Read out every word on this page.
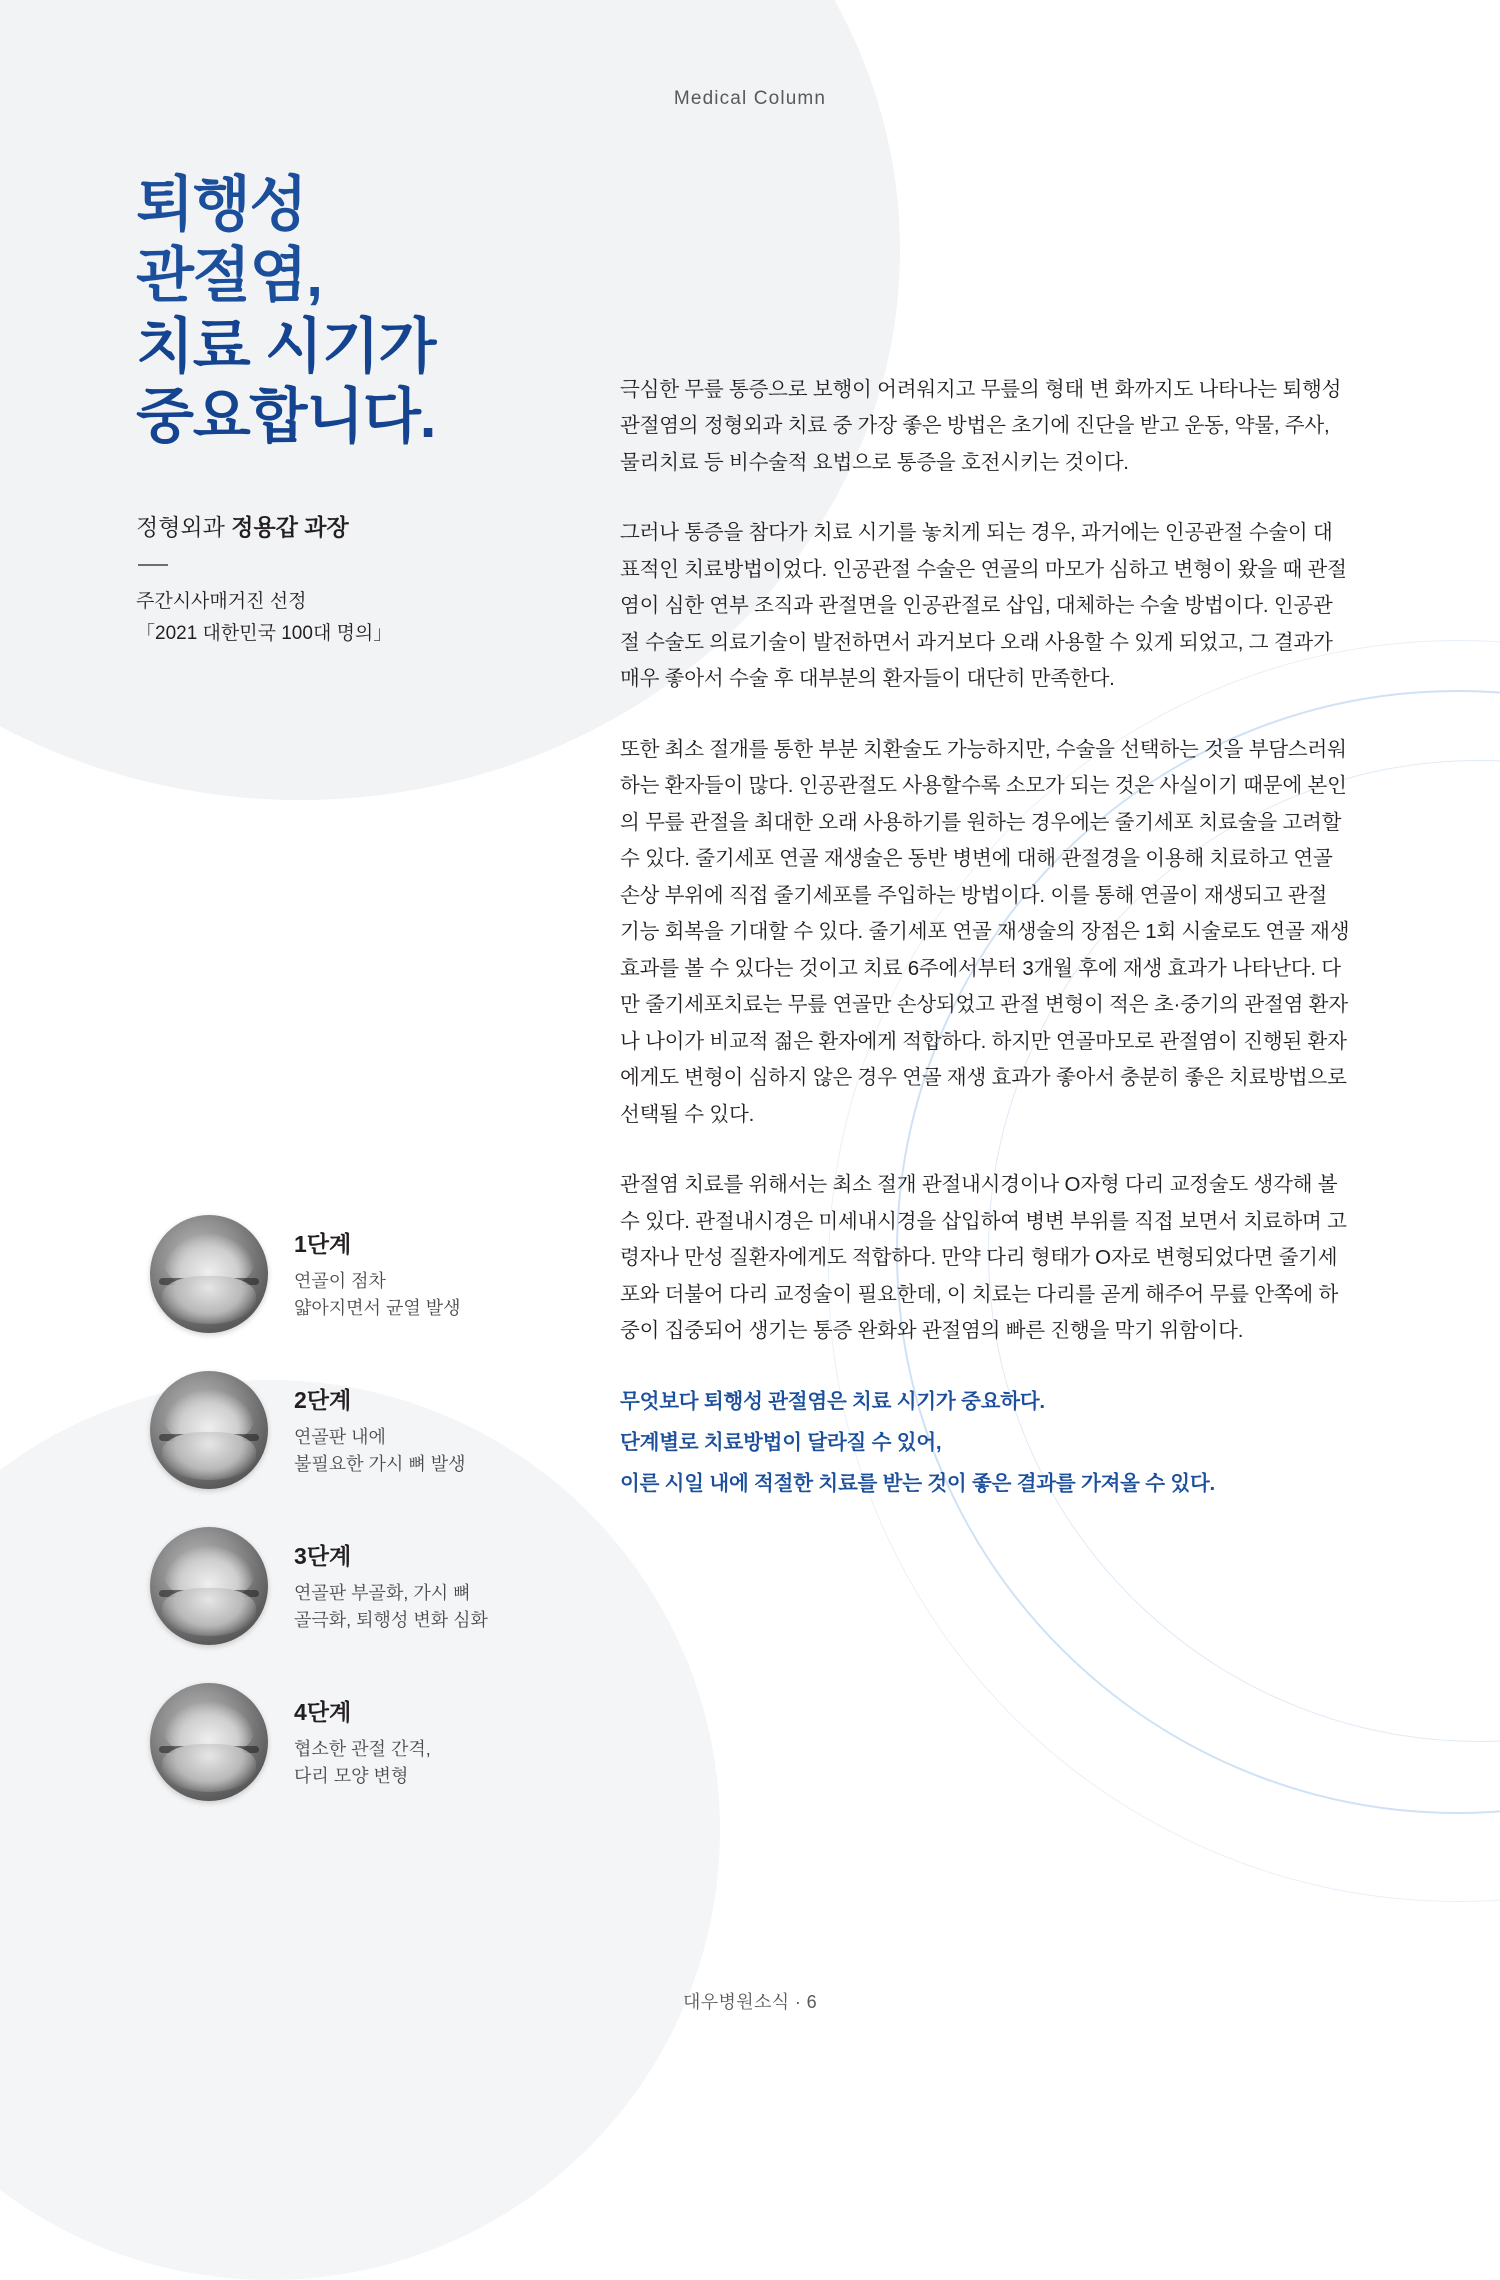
Medical Column
퇴행성
관절염,
치료 시기가
중요합니다.
정형외과 정용갑 과장
주간시사매거진 선정
「2021 대한민국 100대 명의」
1단계
연골이 점차
얇아지면서 균열 발생
2단계
연골판 내에
불필요한 가시 뼈 발생
3단계
연골판 부골화, 가시 뼈
골극화, 퇴행성 변화 심화
4단계
협소한 관절 간격,
다리 모양 변형

극심한 무릎 통증으로 보행이 어려워지고 무릎의 형태 변 화까지도 나타나는 퇴행성 관절염의 정형외과 치료 중 가장 좋은 방법은 초기에 진단을 받고 운동, 약물, 주사, 물리치료 등 비수술적 요법으로 통증을 호전시키는 것이다.

그러나 통증을 참다가 치료 시기를 놓치게 되는 경우, 과거에는 인공관절 수술이 대표적인 치료방법이었다. 인공관절 수술은 연골의 마모가 심하고 변형이 왔을 때 관절염이 심한 연부 조직과 관절면을 인공관절로 삽입, 대체하는 수술 방법이다. 인공관절 수술도 의료기술이 발전하면서 과거보다 오래 사용할 수 있게 되었고, 그 결과가 매우 좋아서 수술 후 대부분의 환자들이 대단히 만족한다.

또한 최소 절개를 통한 부분 치환술도 가능하지만, 수술을 선택하는 것을 부담스러워하는 환자들이 많다. 인공관절도 사용할수록 소모가 되는 것은 사실이기 때문에 본인의 무릎 관절을 최대한 오래 사용하기를 원하는 경우에는 줄기세포 치료술을 고려할 수 있다. 줄기세포 연골 재생술은 동반 병변에 대해 관절경을 이용해 치료하고 연골 손상 부위에 직접 줄기세포를 주입하는 방법이다. 이를 통해 연골이 재생되고 관절 기능 회복을 기대할 수 있다. 줄기세포 연골 재생술의 장점은 1회 시술로도 연골 재생 효과를 볼 수 있다는 것이고 치료 6주에서부터 3개월 후에 재생 효과가 나타난다. 다만 줄기세포치료는 무릎 연골만 손상되었고 관절 변형이 적은 초·중기의 관절염 환자나 나이가 비교적 젊은 환자에게 적합하다. 하지만 연골마모로 관절염이 진행된 환자에게도 변형이 심하지 않은 경우 연골 재생 효과가 좋아서 충분히 좋은 치료방법으로 선택될 수 있다.

관절염 치료를 위해서는 최소 절개 관절내시경이나 O자형 다리 교정술도 생각해 볼 수 있다. 관절내시경은 미세내시경을 삽입하여 병변 부위를 직접 보면서 치료하며 고령자나 만성 질환자에게도 적합하다. 만약 다리 형태가 O자로 변형되었다면 줄기세포와 더불어 다리 교정술이 필요한데, 이 치료는 다리를 곧게 해주어 무릎 안쪽에 하중이 집중되어 생기는 통증 완화와 관절염의 빠른 진행을 막기 위함이다.

무엇보다 퇴행성 관절염은 치료 시기가 중요하다.

단계별로 치료방법이 달라질 수 있어,

이른 시일 내에 적절한 치료를 받는 것이 좋은 결과를 가져올 수 있다.

대우병원소식 · 6
